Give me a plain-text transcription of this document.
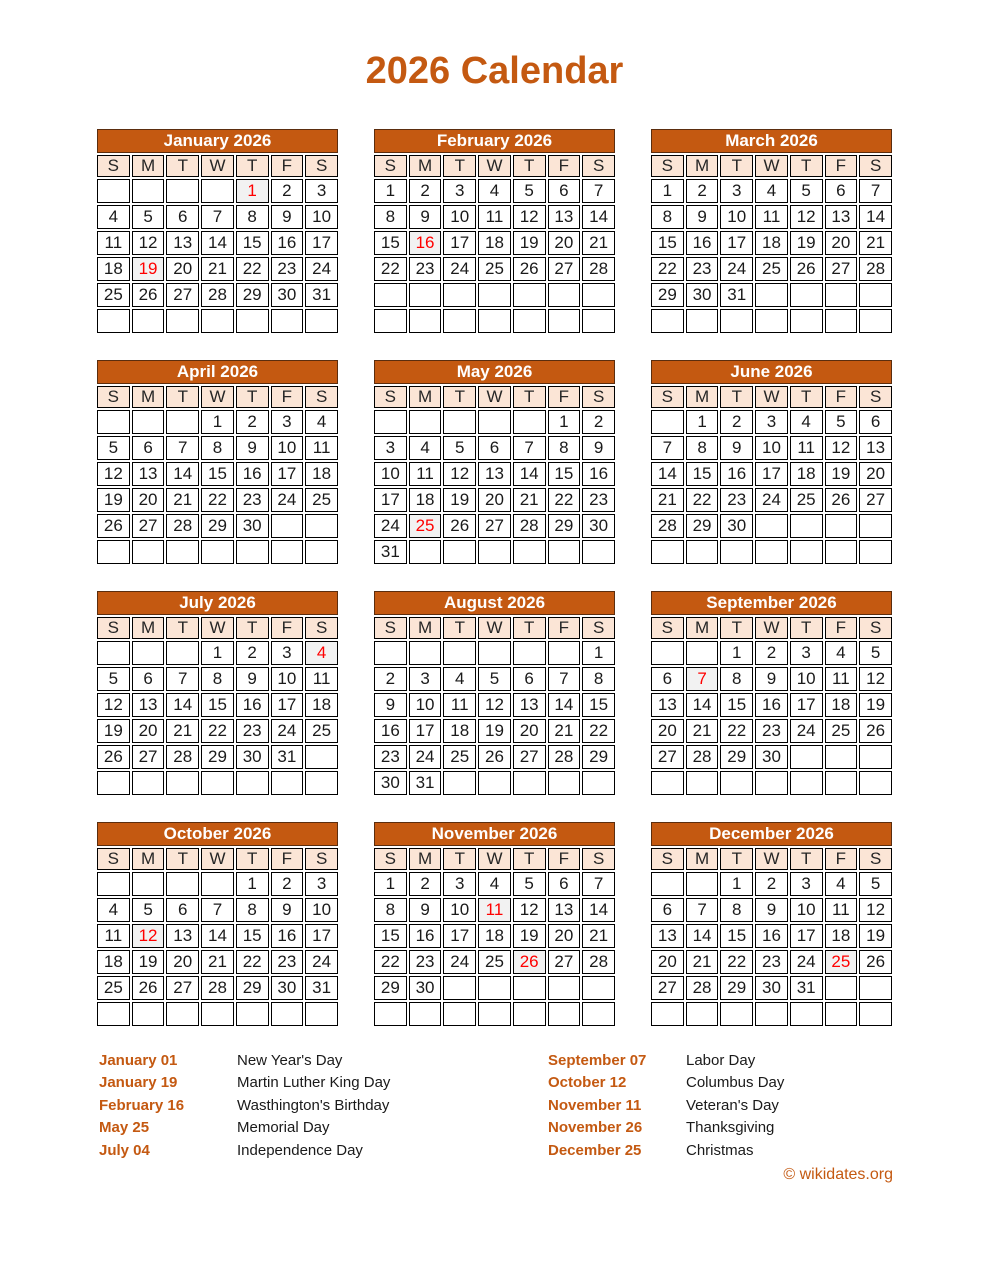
2026 Calendar
January 2026						
S	M	T	W	T	F	S
				1	2	3
4	5	6	7	8	9	10
11	12	13	14	15	16	17
18	19	20	21	22	23	24
25	26	27	28	29	30	31

February 2026						
S	M	T	W	T	F	S
1	2	3	4	5	6	7
8	9	10	11	12	13	14
15	16	17	18	19	20	21
22	23	24	25	26	27	28

March 2026						
S	M	T	W	T	F	S
1	2	3	4	5	6	7
8	9	10	11	12	13	14
15	16	17	18	19	20	21
22	23	24	25	26	27	28
29	30	31				

April 2026						
S	M	T	W	T	F	S
			1	2	3	4
5	6	7	8	9	10	11
12	13	14	15	16	17	18
19	20	21	22	23	24	25
26	27	28	29	30		

May 2026						
S	M	T	W	T	F	S
					1	2
3	4	5	6	7	8	9
10	11	12	13	14	15	16
17	18	19	20	21	22	23
24	25	26	27	28	29	30
31						
June 2026						
S	M	T	W	T	F	S
	1	2	3	4	5	6
7	8	9	10	11	12	13
14	15	16	17	18	19	20
21	22	23	24	25	26	27
28	29	30				

July 2026						
S	M	T	W	T	F	S
			1	2	3	4
5	6	7	8	9	10	11
12	13	14	15	16	17	18
19	20	21	22	23	24	25
26	27	28	29	30	31	

August 2026						
S	M	T	W	T	F	S
						1
2	3	4	5	6	7	8
9	10	11	12	13	14	15
16	17	18	19	20	21	22
23	24	25	26	27	28	29
30	31					
September 2026						
S	M	T	W	T	F	S
		1	2	3	4	5
6	7	8	9	10	11	12
13	14	15	16	17	18	19
20	21	22	23	24	25	26
27	28	29	30			

October 2026						
S	M	T	W	T	F	S
				1	2	3
4	5	6	7	8	9	10
11	12	13	14	15	16	17
18	19	20	21	22	23	24
25	26	27	28	29	30	31

November 2026						
S	M	T	W	T	F	S
1	2	3	4	5	6	7
8	9	10	11	12	13	14
15	16	17	18	19	20	21
22	23	24	25	26	27	28
29	30					

December 2026						
S	M	T	W	T	F	S
		1	2	3	4	5
6	7	8	9	10	11	12
13	14	15	16	17	18	19
20	21	22	23	24	25	26
27	28	29	30	31		

January 01	New Year's Day
January 19	Martin Luther King Day
February 16	Wasthington's Birthday
May 25	Memorial Day
July 04	Independence Day
September 07	Labor Day
October 12	Columbus Day
November 11	Veteran's Day
November 26	Thanksgiving
December 25	Christmas
© wikidates.org
